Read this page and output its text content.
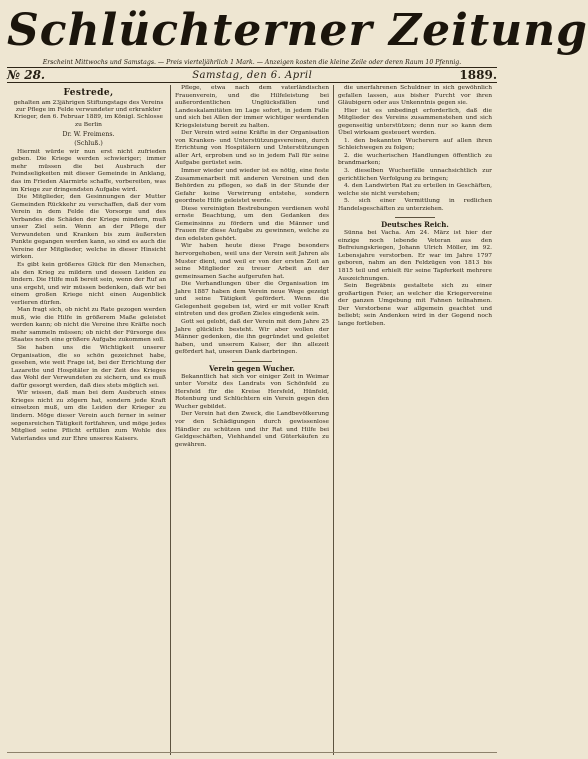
Schlüchterner Zeitung
Erscheint Mittwochs und Samstags. — Preis vierteljährlich 1 Mark. — Anzeigen kosten die kleine Zeile oder deren Raum 10 Pfennig.
№ 28.	Samstag, den 6. April	1889.
Festrede,
gehalten am 23jährigen Stiftungstage des Vereins zur Pflege im Felde verwundeter und erkrankter Krieger, den 6. Februar 1889, im Königl. Schlosse zu Berlin
Dr. W. Freimens.
(Schluß.)

Hiermit würde wir nun erst nicht zufrieden geben. Die Kriege werden schwieriger; immer mehr müssen die bei Ausbruch der Feindseligkeiten mit dieser Gemeinde in Anklang, das im Frieden Alarmirte schaffe, vorbereiten, was im Kriege zur dringendsten Aufgabe wird.

Die Mitglieder, den Gesinnungen der Mutter Gemeinden Rückkehr zu verschaffen, daß der vom Verein in dem Felde die Vorsorge und des Verbandes die Schäden der Kriege mindern, muß unser Ziel sein. Wenn an der Pflege der Verwundeten und Kranken bis zum äußersten Punkte gegangen werden kann, so sind es auch die Vereine der Mitglieder, welche in dieser Hinsicht wirken.

Es gibt kein größeres Glück für den Menschen, als den Krieg zu mildern und dessen Leiden zu lindern. Die Hilfe muß bereit sein, wenn der Ruf an uns ergeht, und wir müssen bedenken, daß wir bei einem großen Kriege nicht einen Augenblick verlieren dürfen.

Man fragt sich, ob nicht zu Rate gezogen werden muß, wie die Hilfe in größerem Maße geleistet werden kann; ob nicht die Vereine ihre Kräfte noch mehr sammeln müssen; ob nicht der Fürsorge des Staates noch eine größere Aufgabe zukommen soll.

Sie haben uns die Wichtigkeit unserer Organisation, die so schön gezeichnet habe, gesehen, wie weit Frage ist, bei der Errichtung der Lazarette und Hospitäler in der Zeit des Krieges das Wohl der Verwundeten zu sichern, und es muß dafür gesorgt werden, daß dies stets möglich sei.

Wir wissen, daß man bei dem Ausbruch eines Krieges nicht zu zögern hat, sondern jede Kraft einsetzen muß, um die Leiden der Krieger zu lindern. Möge dieser Verein auch ferner in seiner segensreichen Tätigkeit fortfahren, und möge jedes Mitglied seine Pflicht erfüllen zum Wohle des Vaterlandes und zur Ehre unseres Kaisers.

Pflege, etwa nach dem vaterländischen Frauenverein, und die Hilfeleistung bei außerordentlichen Unglücksfällen und Landeskalamitäten im Lage sofort, in jedem Falle und sich bei Allen der immer wichtiger werdenden Kriegsleistung bereit zu halten.

Der Verein wird seine Kräfte in der Organisation von Kranken- und Unterstützungsvereinen, durch Errichtung von Hospitälern und Unterstützungen aller Art, erproben und so in jedem Fall für seine Aufgabe gerüstet sein.

Immer wieder und wieder ist es nötig, eine feste Zusammenarbeit mit anderen Vereinen und den Behörden zu pflegen, so daß in der Stunde der Gefahr keine Verwirrung entstehe, sondern geordnete Hilfe geleistet werde.

Diese vereinigten Bestrebungen verdienen wohl ernste Beachtung, um den Gedanken des Gemeinsinns zu fördern und die Männer und Frauen für diese Aufgabe zu gewinnen, welche zu den edelsten gehört.

Wir haben heute diese Frage besonders hervorgehoben, weil uns der Verein seit Jahren als Muster dient, und weil er von der ersten Zeit an seine Mitglieder zu treuer Arbeit an der gemeinsamen Sache aufgerufen hat.

Die Verhandlungen über die Organisation im Jahre 1887 haben dem Verein neue Wege gezeigt und seine Tätigkeit gefördert. Wenn die Gelegenheit gegeben ist, wird er mit voller Kraft eintreten und des großen Zieles eingedenk sein.

Gott sei gelobt, daß der Verein mit dem Jahre 25 Jahre glücklich besteht. Wir aber wollen der Männer gedenken, die ihn gegründet und geleitet haben, und unserem Kaiser, der ihn allezeit gefördert hat, unseren Dank darbringen.

Verein gegen Wucher.

Bekanntlich hat sich vor einiger Zeit in Weimar unter Vorsitz des Landrats von Schönfeld zu Hersfeld für die Kreise Hersfeld, Hünfeld, Rotenburg und Schlüchtern ein Verein gegen den Wucher gebildet.

Der Verein hat den Zweck, die Landbevölkerung vor den Schädigungen durch gewissenlose Händler zu schützen und ihr Rat und Hilfe bei Geldgeschäften, Viehhandel und Güterkäufen zu gewähren.

die unerfahrenen Schuldner in sich gewöhnlich gefallen lassen, aus bisher Furcht vor ihren Gläubigern oder aus Unkenntnis gegen sie.

Hier ist es unbedingt erforderlich, daß die Mitglieder des Vereins zusammenstehen und sich gegenseitig unterstützen; denn nur so kann dem Übel wirksam gesteuert werden.

1. den bekannten Wucherern auf allen ihren Schleichwegen zu folgen;

2. die wucherischen Handlungen öffentlich zu brandmarken;

3. dieselben Wucherfälle unnachsichtlich zur gerichtlichen Verfolgung zu bringen;

4. den Landwirten Rat zu erteilen in Geschäften, welche sie nicht verstehen;

5. sich einer Vermittlung in redlichen Handelsgeschäften zu unterziehen.

Deutsches Reich.

Sünna bei Vacha. Am 24. März ist hier der einzige noch lebende Veteran aus den Befreiungskriegen, Johann Ulrich Möller, im 92. Lebensjahre verstorben. Er war im Jahre 1797 geboren, nahm an den Feldzügen von 1813 bis 1815 teil und erhielt für seine Tapferkeit mehrere Auszeichnungen.

Sein Begräbnis gestaltete sich zu einer großartigen Feier, an welcher die Kriegervereine der ganzen Umgebung mit Fahnen teilnahmen. Der Verstorbene war allgemein geachtet und beliebt; sein Andenken wird in der Gegend noch lange fortleben.
